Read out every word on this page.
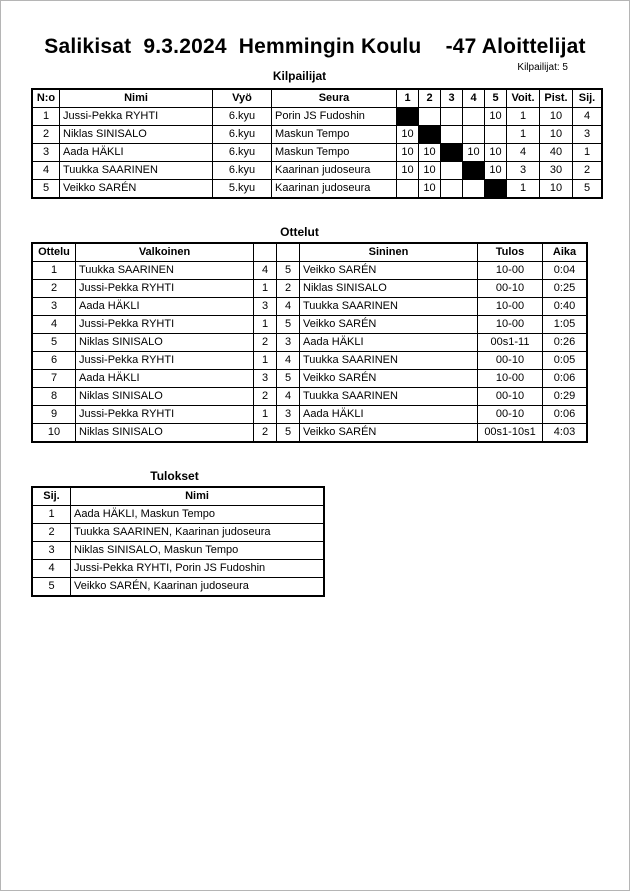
Salikisat  9.3.2024  Hemmingin Koulu    -47 Aloittelijat
Kilpailijat
Kilpailijat: 5
N:o	Nimi	Vyö	Seura	1	2	3	4	5	Voit.	Pist.	Sij.
1	Jussi-Pekka RYHTI	6.kyu	Porin JS Fudoshin					10	1	10	4
2	Niklas SINISALO	6.kyu	Maskun Tempo	10					1	10	3
3	Aada HÄKLI	6.kyu	Maskun Tempo	10	10		10	10	4	40	1
4	Tuukka SAARINEN	6.kyu	Kaarinan judoseura	10	10			10	3	30	2
5	Veikko SARÉN	5.kyu	Kaarinan judoseura		10				1	10	5
Ottelut
Ottelu	Valkoinen			Sininen	Tulos	Aika
1	Tuukka SAARINEN	4	5	Veikko SARÉN	10-00	0:04
2	Jussi-Pekka RYHTI	1	2	Niklas SINISALO	00-10	0:25
3	Aada HÄKLI	3	4	Tuukka SAARINEN	10-00	0:40
4	Jussi-Pekka RYHTI	1	5	Veikko SARÉN	10-00	1:05
5	Niklas SINISALO	2	3	Aada HÄKLI	00s1-11	0:26
6	Jussi-Pekka RYHTI	1	4	Tuukka SAARINEN	00-10	0:05
7	Aada HÄKLI	3	5	Veikko SARÉN	10-00	0:06
8	Niklas SINISALO	2	4	Tuukka SAARINEN	00-10	0:29
9	Jussi-Pekka RYHTI	1	3	Aada HÄKLI	00-10	0:06
10	Niklas SINISALO	2	5	Veikko SARÉN	00s1-10s1	4:03
Tulokset
Sij.	Nimi
1	Aada HÄKLI, Maskun Tempo
2	Tuukka SAARINEN, Kaarinan judoseura
3	Niklas SINISALO, Maskun Tempo
4	Jussi-Pekka RYHTI, Porin JS Fudoshin
5	Veikko SARÉN, Kaarinan judoseura
